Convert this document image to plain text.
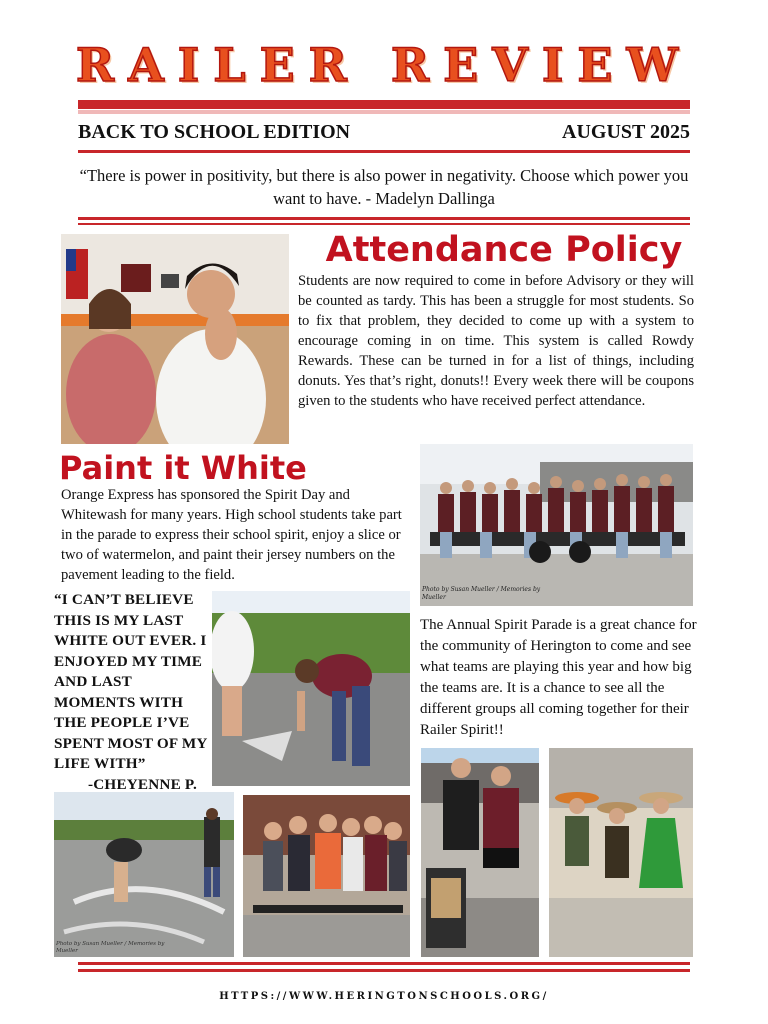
RAILER REVIEW
BACK TO SCHOOL EDITION	AUGUST 2025
“There is power in positivity, but there is also power in negativity. Choose which power you want to have. - Madelyn Dallinga
Attendance Policy
Students are now required to come in before Advisory or they will be counted as tardy. This has been a struggle for most students. So to fix that problem, they decided to come up with a system to encourage coming in on time. This system is called Rowdy Rewards. These can be turned in for a list of things, including donuts. Yes that’s right, donuts!! Every week there will be coupons given to the students who have received perfect attendance.
Paint it White
Orange Express has sponsored the Spirit Day and Whitewash for many years. High school students take part in the parade to express their school spirit, enjoy a slice or two of watermelon, and paint their jersey numbers on the pavement leading to the field.
Photo by Susan Mueller / Memories by Mueller
“I CAN’T BELIEVE THIS IS MY LAST WHITE OUT EVER. I ENJOYED MY TIME AND LAST MOMENTS WITH THE PEOPLE I’VE SPENT MOST OF MY LIFE WITH”
-CHEYENNE P.
The Annual Spirit Parade is a great chance for the community of Herington to come and see what teams are playing this year and how big the teams are. It is a chance to see all the different groups all coming together for their Railer Spirit!!
Photo by Susan Mueller / Memories by Mueller
HTTPS://WWW.HERINGTONSCHOOLS.ORG/
